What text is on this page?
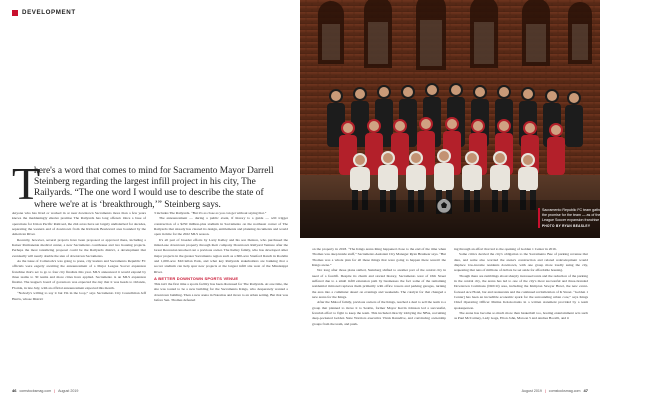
DEVELOPMENT
T

here's a word that comes to mind for Sacramento Mayor Darrell Steinberg regarding the largest infill project in his city, The Railyards. “The one word I would use to describe the state of where we're at is ‘breakthrough,’” Steinberg says.

Anyone who has lived or worked in or near downtown Sacramento more than a few years knows the maddeningly elusive promise The Railyards has long offered. Once a base of operations for Union Pacific Railroad, the 244 acres have sat largely undisturbed for decades, separating the western end of downtown from the Richards Boulevard area bounded by the American River.

Recently, however, several projects have been proposed or approved there, including a Kaiser Permanente medical center, a new Sacramento courthouse and two housing projects. Perhaps the most tantalizing proposal could be the Railyards district, a development that eventually will nearly double the size of downtown Sacramento.

As the issue of Comstock's was going to press, city leaders and Sacramento Republic FC officials were eagerly awaiting the announcement of a Major League Soccer expansion franchise that's set to go to four city finalists this year. MLS announced it would expand by three teams to 30 teams and more cities have applied. Sacramento is an MLS expansion finalist. The league's board of governors was expected the day that it was heads to Orlando, Florida, in late July, with an official announcement expected this month.

“Nobody's willing to say it but I'm in the loop,” says Sacramento City Councilman Jeff Harris, whose District

3 includes The Railyards. “But it's as close as you can get without saying that.”

The announcement — during a public event, if history is a guide — will trigger construction of a $250 million-plus stadium in Sacramento on the northeast corner of The Railyards that already has cleared its design, entitlements and planning documents and would open in time for the 2022 MLS season.

It's all part of broader efforts by Larry Kelley and his son Denton, who purchased the mixed-use downtown property through their company Downtown Railyard Venture after the Great Recession knocked out a previous owner. The Kelley family, who has developed other major projects in the greater Sacramento region such as a 600-acre Stanford Ranch in Rocklin and 1,000-acre McClellan Park, and what key Railyards stakeholders are banking that a soccer stadium can help spur new projects at the largest infill site west of the Mississippi River.

A BETTER DOWNTOWN SPORTS VENUE

This isn't the first time a sports facility has been discussed for The Railyards. At one time, the site was touted to be a new building for the Sacramento Kings, who desperately wanted a downtown building. Then a new arena in Natomas and move to an urban setting. But that was before Sen. Thomas defeated

46 comstocksmag.com | August 2019
Sacramento Republic FC team gathers in The Railyards to shoot the promise for the team — as of the final draft because as Major League Soccer expansion franchise
PHOTO BY RYAN BEASLEY

on the property in 2018. “The Kings arena thing happened close to the end of the time when Thomas was deep inside stuff,” Sacramento Assistant City Manager Ryan Brashear says. “But Thomas was a whole plan for all these things that were going to happen there weren't the Kings arena.”

Not long after those plans stalled, Steinberg shifted to another part of the central city in need of a facelift. Despite its charm and storied history, Sacramento west of 16th Street suffered due to a small infill extension path by businesses the fact some of the remaining residential mirrored replaces them primarily with office towers and parking garages, turning the area into a commuter desert on evenings and weekends. The catalyst for that changed a new arena for the Kings.

After the Maloof family, previous owners of the Kings, reached a deal to sell the team to a group that planned to move it to Seattle, former Mayor Kevin Johnson led a successful, feverish effort to fight to keep the team. This included directly lobbying the NBA, recruiting deep-pocketed Golden State Warriors executive Vivek Ranadive, and convincing ownership groups from the team, and push-

ing through an effort that led to the opening of Golden 1 Center in 2016.

Some critics decried the city's obligation to the Sacramento Bee of parking revenue that dare, and some also worried the arena's construction and related redevelopment would displace low-income residents downtown, with one group more loudly suing the city, requesting that tens of millions of dollars be set aside for affordable housing.

Though there are rumblings about sharply increased rents and the reduction of the parking in the central city, the arena has led to one of the city's most successful and three-branded Downtown Commons (DOCO) area, including the Kimpton Sawyer Hotel, the new event-focused Ace Hotel, bar and restaurants and the continued revitalization of K Street. “Golden 1 Center] has been an incredible economic spark for the surrounding urban core,” says Kings Chief Operating Officer Matina Kolokotronis in a written statement provided by a team spokesperson.

The arena has become so much more than basketball too, hosting entertainment acts such as Paul McCartney, Lady Gaga, Elton John, Maroon 5 and Andrea Bocelli, and it

August 2019 | comstocksmag.com 47
